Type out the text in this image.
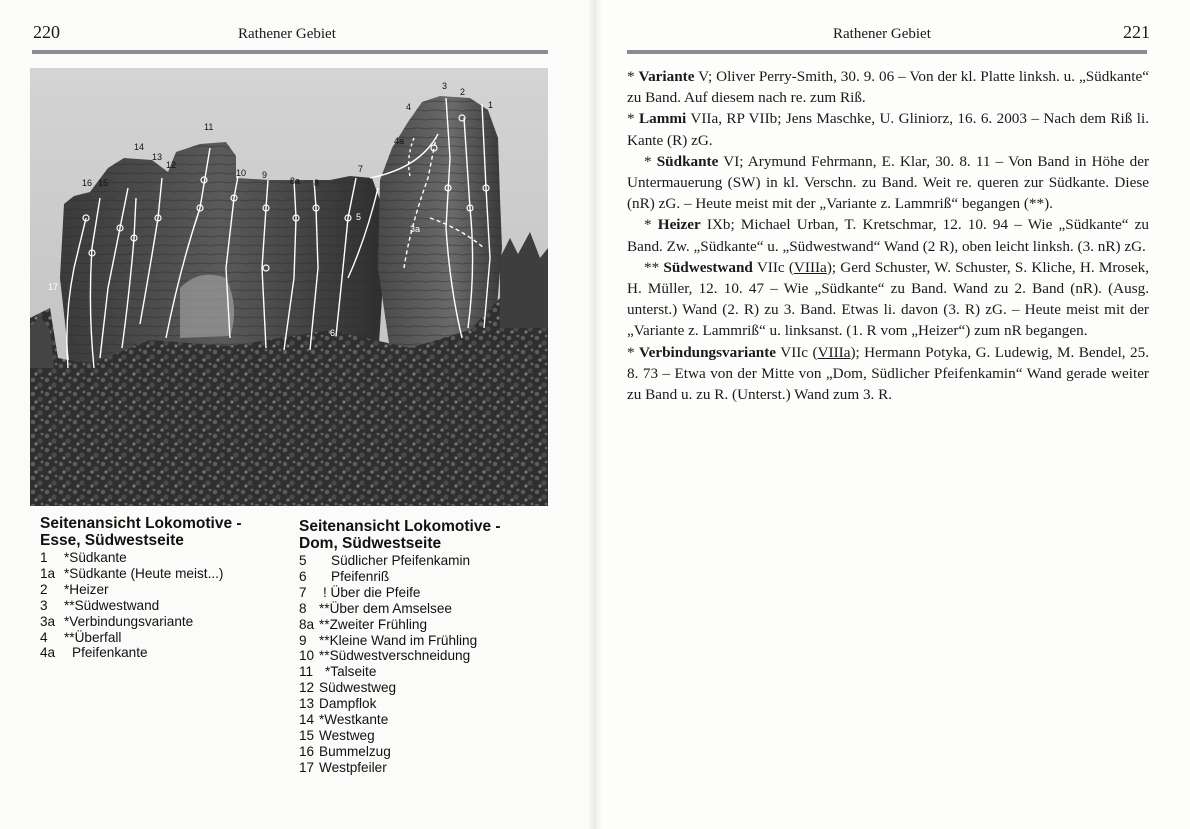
220	Rathener Gebiet
1
2
3
4
4a
3a
5
6
7
8a 8
9
10
11
12
13
14
15
16
17
Seitenansicht Lokomotive -
Esse, Südwestseite
1 *Südkante
1a *Südkante (Heute meist...)
2 *Heizer
3 **Südwestwand
3a *Verbindungsvariante
4 **Überfall
4a Pfeifenkante
Seitenansicht Lokomotive -
Dom, Südwestseite
5 Südlicher Pfeifenkamin
6 Pfeifenriß
7 ! Über die Pfeife
8 **Über dem Amselsee
8a **Zweiter Frühling
9 **Kleine Wand im Frühling
10 **Südwestverschneidung
11 *Talseite
12 Südwestweg
13 Dampflok
14 *Westkante
15 Westweg
16 Bummelzug
17 Westpfeiler
Rathener Gebiet	221

* Variante V; Oliver Perry-Smith, 30. 9. 06 – Von der kl. Platte linksh. u. „Südkante“ zu Band. Auf diesem nach re. zum Riß.

* Lammi VIIa, RP VIIb; Jens Maschke, U. Gliniorz, 16. 6. 2003 – Nach dem Riß li. Kante (R) zG.

* Südkante VI; Arymund Fehrmann, E. Klar, 30. 8. 11 – Von Band in Höhe der Untermauerung (SW) in kl. Verschn. zu Band. Weit re. queren zur Südkante. Diese (nR) zG. – Heute meist mit der „Variante z. Lammriß“ begangen (**).

* Heizer IXb; Michael Urban, T. Kretschmar, 12. 10. 94 – Wie „Südkante“ zu Band. Zw. „Südkante“ u. „Südwestwand“ Wand (2 R), oben leicht linksh. (3. nR) zG.

** Südwestwand VIIc (VIIIa); Gerd Schuster, W. Schuster, S. Kliche, H. Mrosek, H. Müller, 12. 10. 47 – Wie „Südkante“ zu Band. Wand zu 2. Band (nR). (Ausg. unterst.) Wand (2. R) zu 3. Band. Etwas li. davon (3. R) zG. – Heute meist mit der „Variante z. Lammriß“ u. linksanst. (1. R vom „Heizer“) zum nR begangen.

* Verbindungsvariante VIIc (VIIIa); Hermann Potyka, G. Ludewig, M. Bendel, 25. 8. 73 – Etwa von der Mitte von „Dom, Südlicher Pfeifenkamin“ Wand gerade weiter zu Band u. zu R. (Unterst.) Wand zum 3. R.
